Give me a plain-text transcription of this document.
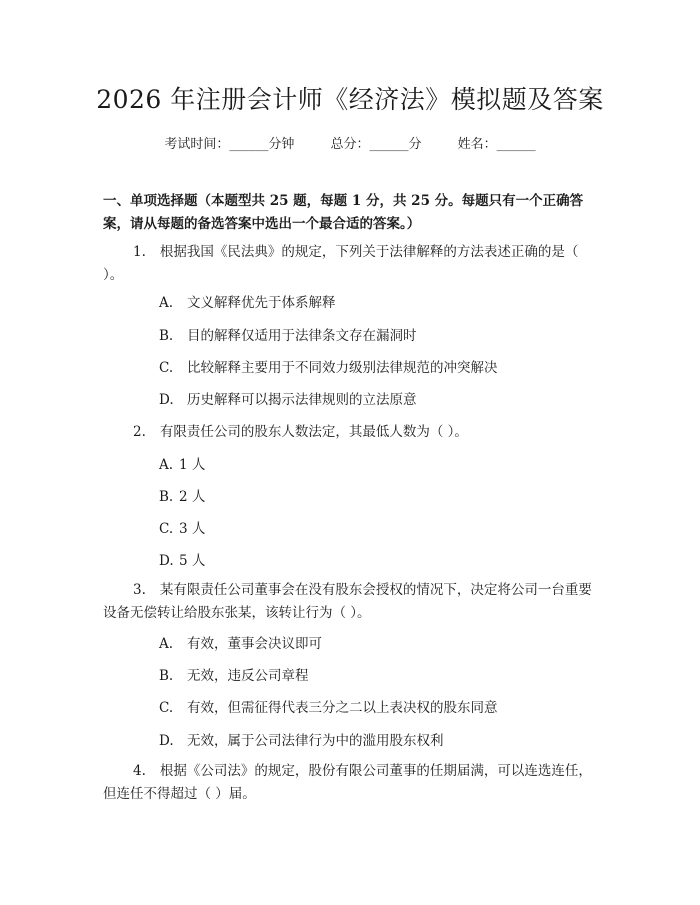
2026 年注册会计师《经济法》模拟题及答案
考试时间：______分钟	总分：______分	姓名：______

一、单项选择题（本题型共 25 题，每题 1 分，共 25 分。每题只有一个正确答案，请从每题的备选答案中选出一个最合适的答案。）

1. 根据我国《民法典》的规定，下列关于法律解释的方法表述正确的是（ ）。

A. 文义解释优先于体系解释
B. 目的解释仅适用于法律条文存在漏洞时
C. 比较解释主要用于不同效力级别法律规范的冲突解决
D. 历史解释可以揭示法律规则的立法原意

2. 有限责任公司的股东人数法定，其最低人数为（ ）。

A. 1 人
B. 2 人
C. 3 人
D. 5 人

3. 某有限责任公司董事会在没有股东会授权的情况下，决定将公司一台重要设备无偿转让给股东张某，该转让行为（ ）。

A. 有效，董事会决议即可
B. 无效，违反公司章程
C. 有效，但需征得代表三分之二以上表决权的股东同意
D. 无效，属于公司法律行为中的滥用股东权利

4. 根据《公司法》的规定，股份有限公司董事的任期届满，可以连选连任，但连任不得超过（ ）届。
